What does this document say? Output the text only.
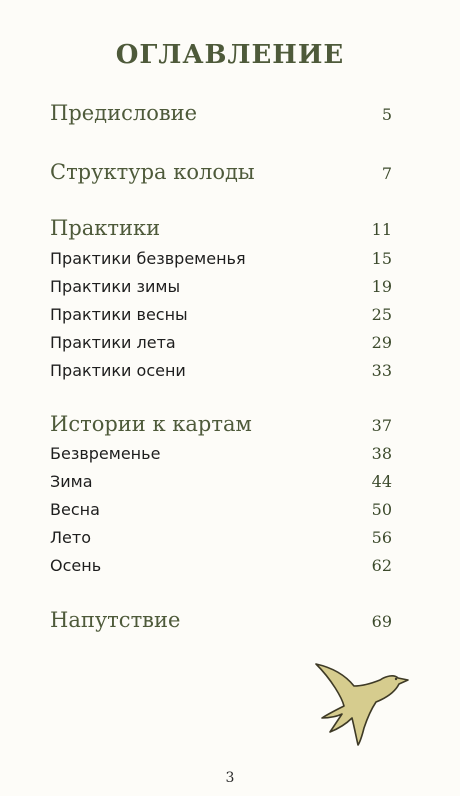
ОГЛАВЛЕНИЕ
Предисловие	5
Структура колоды	7
Практики	11
Практики безвременья	15
Практики зимы	19
Практики весны	25
Практики лета	29
Практики осени	33
Истории к картам	37
Безвременье	38
Зима	44
Весна	50
Лето	56
Осень	62
Напутствие	69
3
